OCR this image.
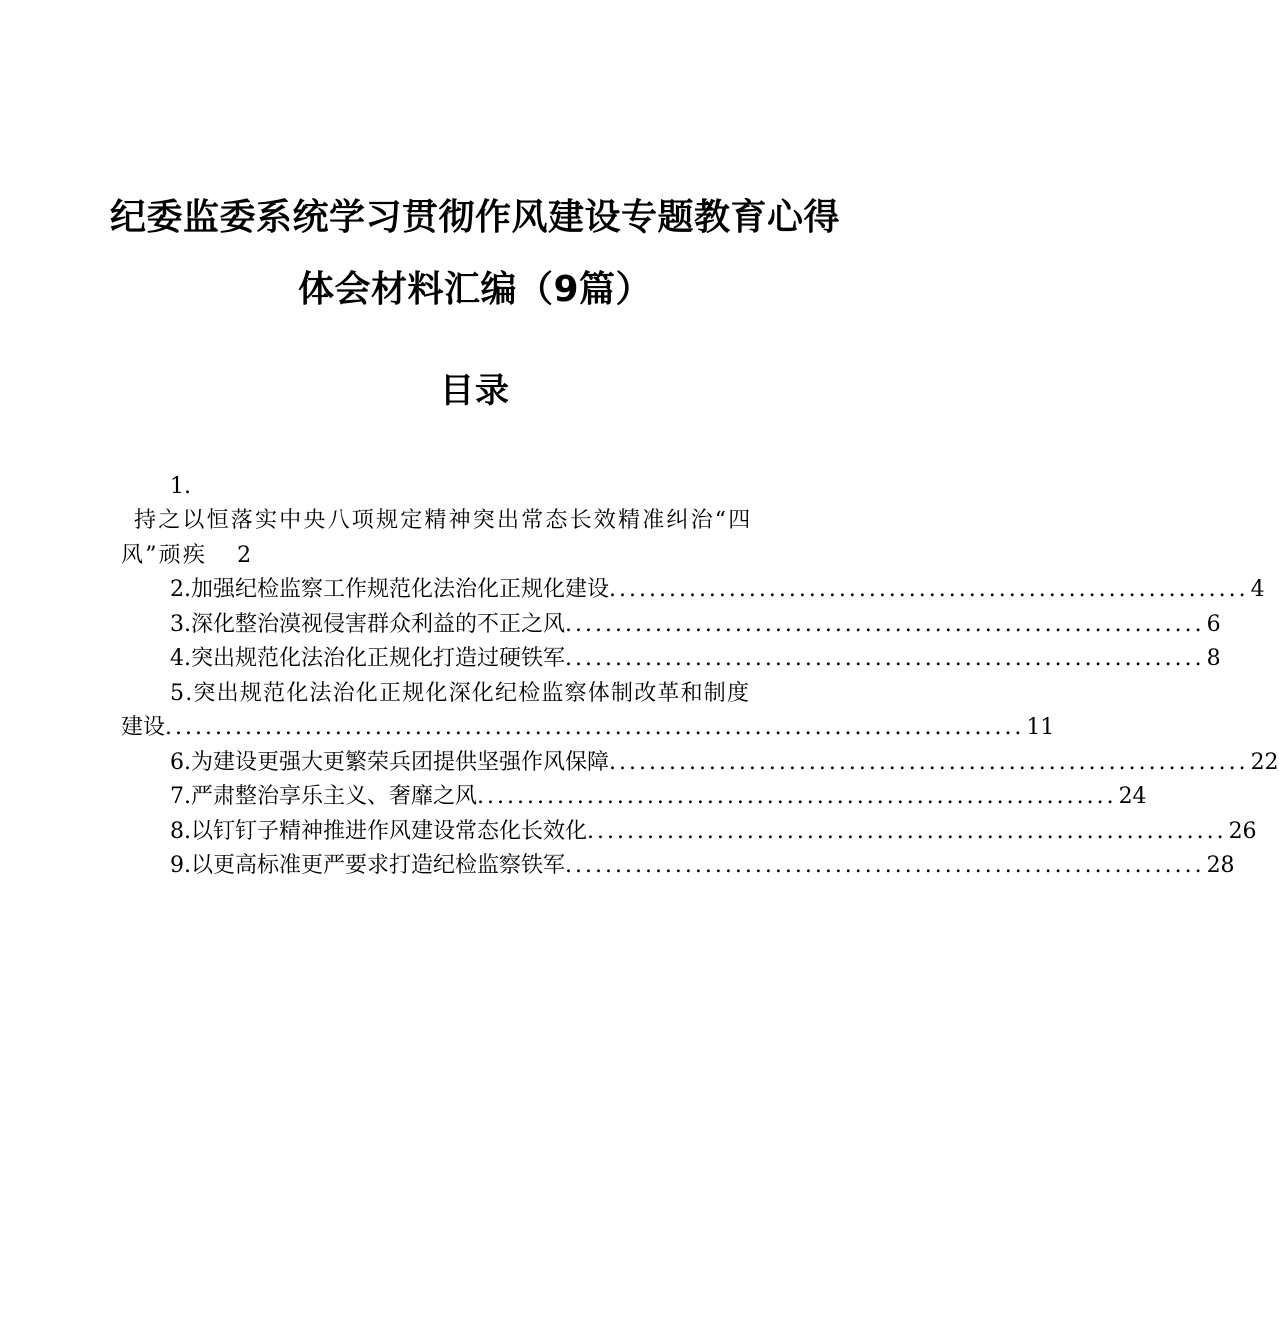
纪委监委系统学习贯彻作风建设专题教育心得
体会材料汇编（9篇）
目录
1.
持之以恒落实中央八项规定精神突出常态长效精准纠治“四
风”顽疾 2
2.加强纪检监察工作规范化法治化正规化建设 ................................................................ 4
3.深化整治漠视侵害群众利益的不正之风 ................................................................ 6
4.突出规范化法治化正规化打造过硬铁军 ................................................................ 8
5.突出规范化法治化正规化深化纪检监察体制改革和制度
建设 ...................................................................................... 11
6.为建设更强大更繁荣兵团提供坚强作风保障 ................................................................ 22
7.严肃整治享乐主义、奢靡之风 ................................................................ 24
8.以钉钉子精神推进作风建设常态化长效化 ................................................................ 26
9.以更高标准更严要求打造纪检监察铁军 ................................................................ 28
